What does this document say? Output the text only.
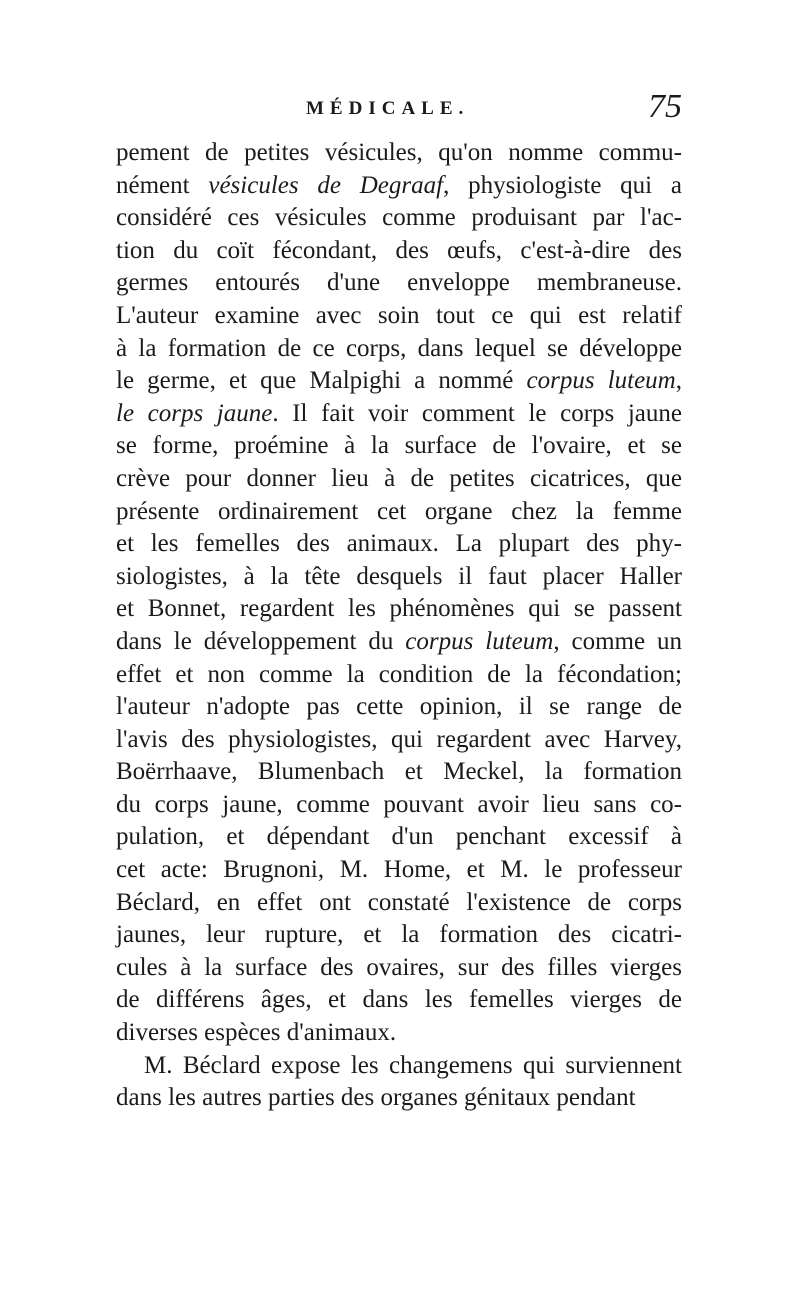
MÉDICALE.	75
pement de petites vésicules, qu'on nomme commu-
nément vésicules de Degraaf, physiologiste qui a
considéré ces vésicules comme produisant par l'ac-
tion du coït fécondant, des œufs, c'est-à-dire des
germes entourés d'une enveloppe membraneuse.
L'auteur examine avec soin tout ce qui est relatif
à la formation de ce corps, dans lequel se développe
le germe, et que Malpighi a nommé corpus luteum,
le corps jaune. Il fait voir comment le corps jaune
se forme, proémine à la surface de l'ovaire, et se
crève pour donner lieu à de petites cicatrices, que
présente ordinairement cet organe chez la femme
et les femelles des animaux. La plupart des phy-
siologistes, à la tête desquels il faut placer Haller
et Bonnet, regardent les phénomènes qui se passent
dans le développement du corpus luteum, comme un
effet et non comme la condition de la fécondation;
l'auteur n'adopte pas cette opinion, il se range de
l'avis des physiologistes, qui regardent avec Harvey,
Boërrhaave, Blumenbach et Meckel, la formation
du corps jaune, comme pouvant avoir lieu sans co-
pulation, et dépendant d'un penchant excessif à
cet acte: Brugnoni, M. Home, et M. le professeur
Béclard, en effet ont constaté l'existence de corps
jaunes, leur rupture, et la formation des cicatri-
cules à la surface des ovaires, sur des filles vierges
de différens âges, et dans les femelles vierges de
diverses espèces d'animaux.
M. Béclard expose les changemens qui surviennent
dans les autres parties des organes génitaux pendant
